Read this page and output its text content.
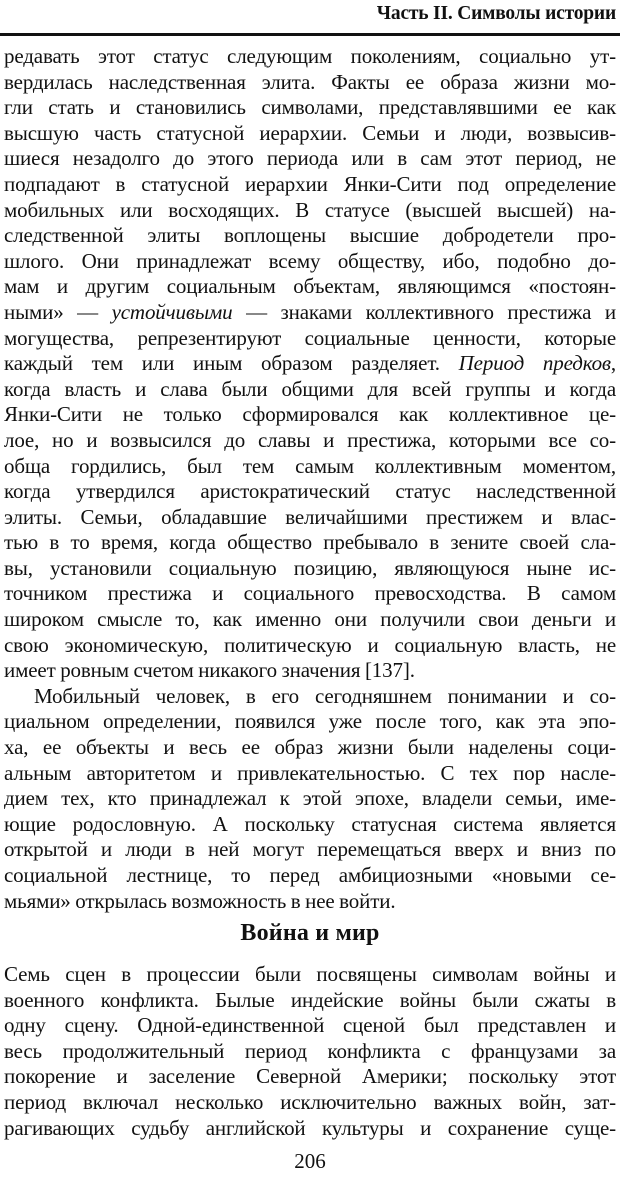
Часть II. Символы истории
редавать этот статус следующим поколениям, социально ут-
вердилась наследственная элита. Факты ее образа жизни мо-
гли стать и становились символами, представлявшими ее как
высшую часть статусной иерархии. Семьи и люди, возвысив-
шиеся незадолго до этого периода или в сам этот период, не
подпадают в статусной иерархии Янки-Сити под определение
мобильных или восходящих. В статусе (высшей высшей) на-
следственной элиты воплощены высшие добродетели про-
шлого. Они принадлежат всему обществу, ибо, подобно до-
мам и другим социальным объектам, являющимся «постоян-
ными» — устойчивыми — знаками коллективного престижа и
могущества, репрезентируют социальные ценности, которые
каждый тем или иным образом разделяет. Период предков,
когда власть и слава были общими для всей группы и когда
Янки-Сити не только сформировался как коллективное це-
лое, но и возвысился до славы и престижа, которыми все со-
обща гордились, был тем самым коллективным моментом,
когда утвердился аристократический статус наследственной
элиты. Семьи, обладавшие величайшими престижем и влас-
тью в то время, когда общество пребывало в зените своей сла-
вы, установили социальную позицию, являющуюся ныне ис-
точником престижа и социального превосходства. В самом
широком смысле то, как именно они получили свои деньги и
свою экономическую, политическую и социальную власть, не
имеет ровным счетом никакого значения [137].
Мобильный человек, в его сегодняшнем понимании и со-
циальном определении, появился уже после того, как эта эпо-
ха, ее объекты и весь ее образ жизни были наделены соци-
альным авторитетом и привлекательностью. С тех пор насле-
дием тех, кто принадлежал к этой эпохе, владели семьи, име-
ющие родословную. А поскольку статусная система является
открытой и люди в ней могут перемещаться вверх и вниз по
социальной лестнице, то перед амбициозными «новыми се-
мьями» открылась возможность в нее войти.
Война и мир
Семь сцен в процессии были посвящены символам войны и
военного конфликта. Былые индейские войны были сжаты в
одну сцену. Одной-единственной сценой был представлен и
весь продолжительный период конфликта с французами за
покорение и заселение Северной Америки; поскольку этот
период включал несколько исключительно важных войн, зат-
рагивающих судьбу английской культуры и сохранение суще-
206
